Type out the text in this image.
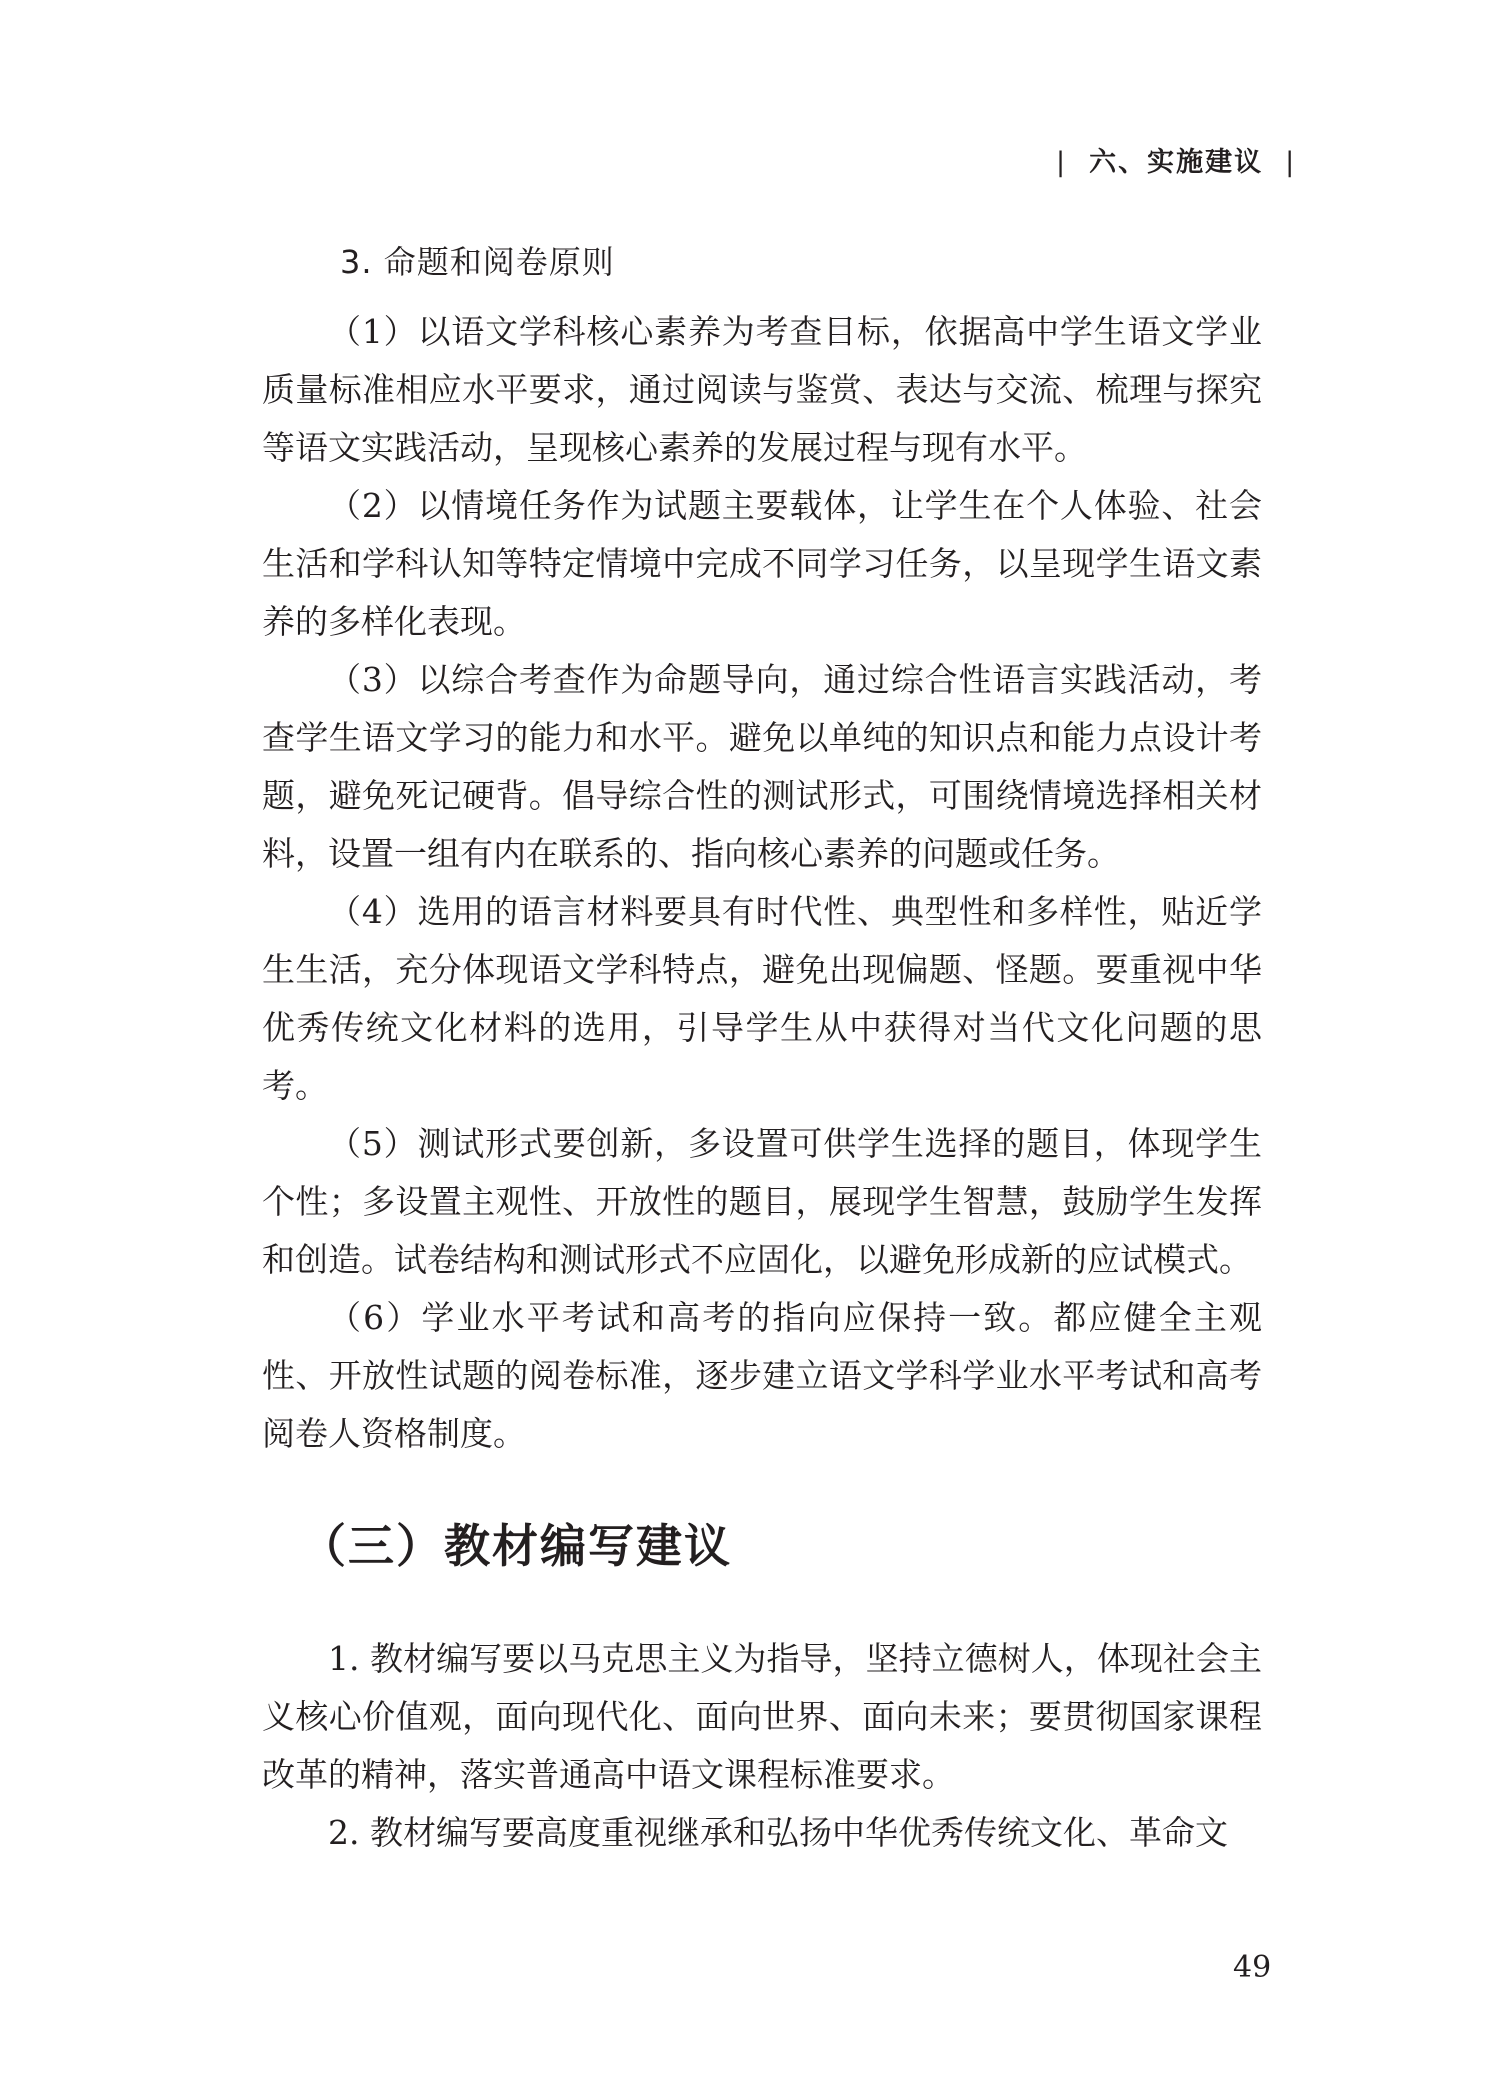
| 六、实施建议 |
3. 命题和阅卷原则

（1）以语文学科核心素养为考查目标，依据高中学生语文学业质量标准相应水平要求，通过阅读与鉴赏、表达与交流、梳理与探究等语文实践活动，呈现核心素养的发展过程与现有水平。

（2）以情境任务作为试题主要载体，让学生在个人体验、社会生活和学科认知等特定情境中完成不同学习任务，以呈现学生语文素养的多样化表现。

（3）以综合考查作为命题导向，通过综合性语言实践活动，考查学生语文学习的能力和水平。避免以单纯的知识点和能力点设计考题，避免死记硬背。倡导综合性的测试形式，可围绕情境选择相关材料，设置一组有内在联系的、指向核心素养的问题或任务。

（4）选用的语言材料要具有时代性、典型性和多样性，贴近学生生活，充分体现语文学科特点，避免出现偏题、怪题。要重视中华优秀传统文化材料的选用，引导学生从中获得对当代文化问题的思考。

（5）测试形式要创新，多设置可供学生选择的题目，体现学生个性；多设置主观性、开放性的题目，展现学生智慧，鼓励学生发挥和创造。试卷结构和测试形式不应固化，以避免形成新的应试模式。

（6）学业水平考试和高考的指向应保持一致。都应健全主观性、开放性试题的阅卷标准，逐步建立语文学科学业水平考试和高考阅卷人资格制度。

（三）教材编写建议

1. 教材编写要以马克思主义为指导，坚持立德树人，体现社会主义核心价值观，面向现代化、面向世界、面向未来；要贯彻国家课程改革的精神，落实普通高中语文课程标准要求。

2. 教材编写要高度重视继承和弘扬中华优秀传统文化、革命文

49
